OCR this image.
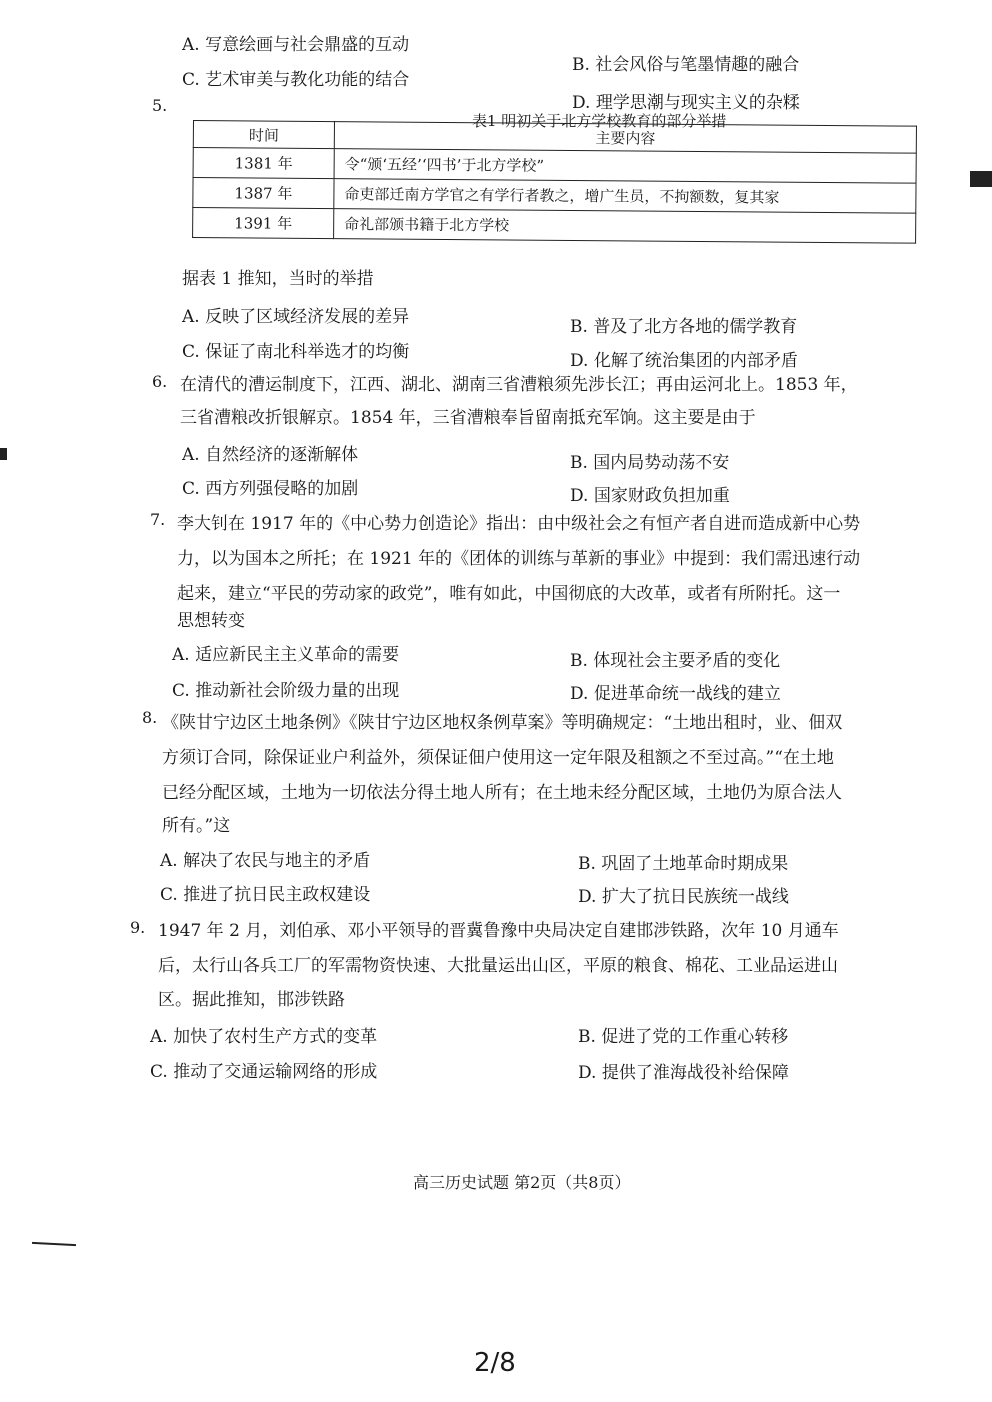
A. 写意绘画与社会鼎盛的互动
B. 社会风俗与笔墨情趣的融合
C. 艺术审美与教化功能的结合
D. 理学思潮与现实主义的杂糅
5.
表1 明初关于北方学校教育的部分举措
时间	主要内容
1381 年	令“颁‘五经’‘四书’于北方学校”
1387 年	命吏部迁南方学官之有学行者教之，增广生员，不拘额数，复其家
1391 年	命礼部颁书籍于北方学校
据表 1 推知，当时的举措
A. 反映了区域经济发展的差异	B. 普及了北方各地的儒学教育
C. 保证了南北科举选才的均衡	D. 化解了统治集团的内部矛盾
6. 在清代的漕运制度下，江西、湖北、湖南三省漕粮须先涉长江；再由运河北上。1853 年，
三省漕粮改折银解京。1854 年，三省漕粮奉旨留南抵充军饷。这主要是由于
A. 自然经济的逐渐解体	B. 国内局势动荡不安
C. 西方列强侵略的加剧	D. 国家财政负担加重
7. 李大钊在 1917 年的《中心势力创造论》指出：由中级社会之有恒产者自进而造成新中心势
力，以为国本之所托；在 1921 年的《团体的训练与革新的事业》中提到：我们需迅速行动
起来，建立“平民的劳动家的政党”，唯有如此，中国彻底的大改革，或者有所附托。这一
思想转变
A. 适应新民主主义革命的需要	B. 体现社会主要矛盾的变化
C. 推动新社会阶级力量的出现	D. 促进革命统一战线的建立
8. 《陕甘宁边区土地条例》《陕甘宁边区地权条例草案》等明确规定：“土地出租时，业、佃双
方须订合同，除保证业户利益外，须保证佃户使用这一定年限及租额之不至过高。”“在土地
已经分配区域，土地为一切依法分得土地人所有；在土地未经分配区域，土地仍为原合法人
所有。”这
A. 解决了农民与地主的矛盾	B. 巩固了土地革命时期成果
C. 推进了抗日民主政权建设	D. 扩大了抗日民族统一战线
9. 1947 年 2 月，刘伯承、邓小平领导的晋冀鲁豫中央局决定自建邯涉铁路，次年 10 月通车
后，太行山各兵工厂的军需物资快速、大批量运出山区，平原的粮食、棉花、工业品运进山
区。据此推知，邯涉铁路
A. 加快了农村生产方式的变革	B. 促进了党的工作重心转移
C. 推动了交通运输网络的形成	D. 提供了淮海战役补给保障
高三历史试题 第2页（共8页）
2/8
